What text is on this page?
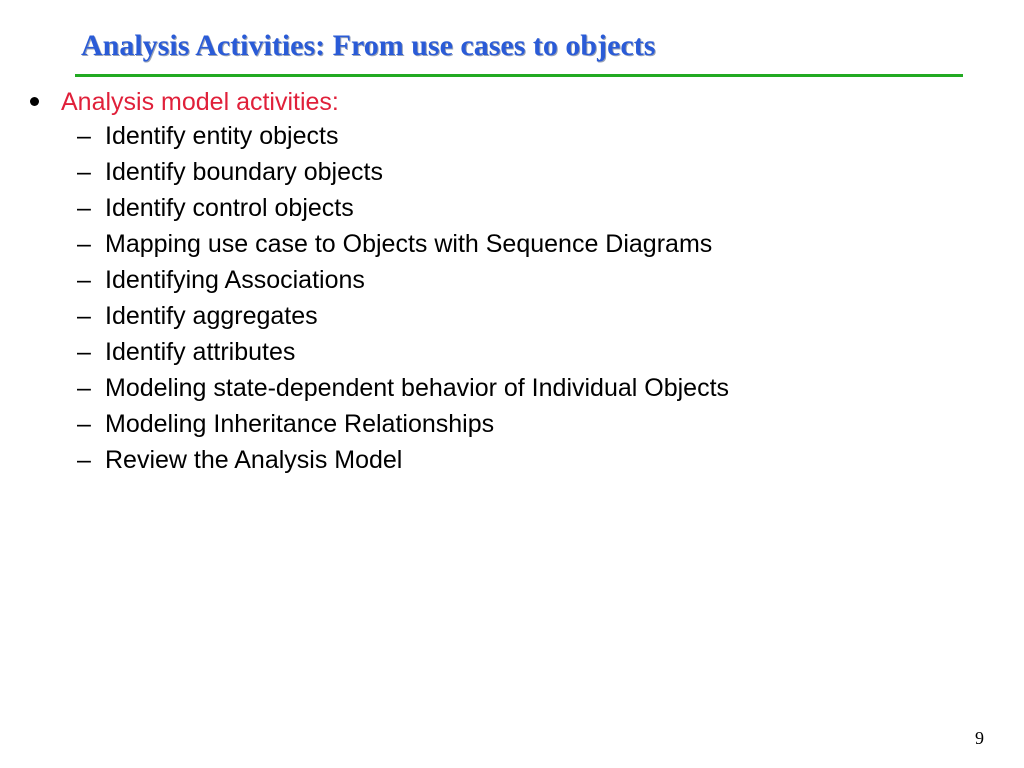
Analysis Activities: From use cases to objects
Analysis model activities:
– Identify entity objects
– Identify boundary objects
– Identify control objects
– Mapping use case to Objects with Sequence Diagrams
– Identifying Associations
– Identify aggregates
– Identify attributes
– Modeling state-dependent behavior of Individual Objects
– Modeling Inheritance Relationships
– Review the Analysis Model
9
